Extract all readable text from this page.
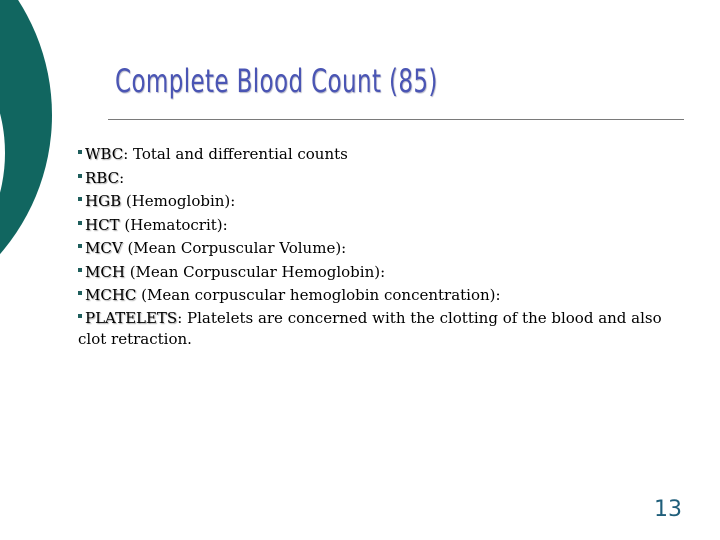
Complete Blood Count (85)
WBC: Total and differential counts
RBC:
HGB (Hemoglobin):
HCT (Hematocrit):
MCV (Mean Corpuscular Volume):
MCH (Mean Corpuscular Hemoglobin):
MCHC (Mean corpuscular hemoglobin concentration):
PLATELETS: Platelets are concerned with the clotting of the blood and also clot retraction.
13
